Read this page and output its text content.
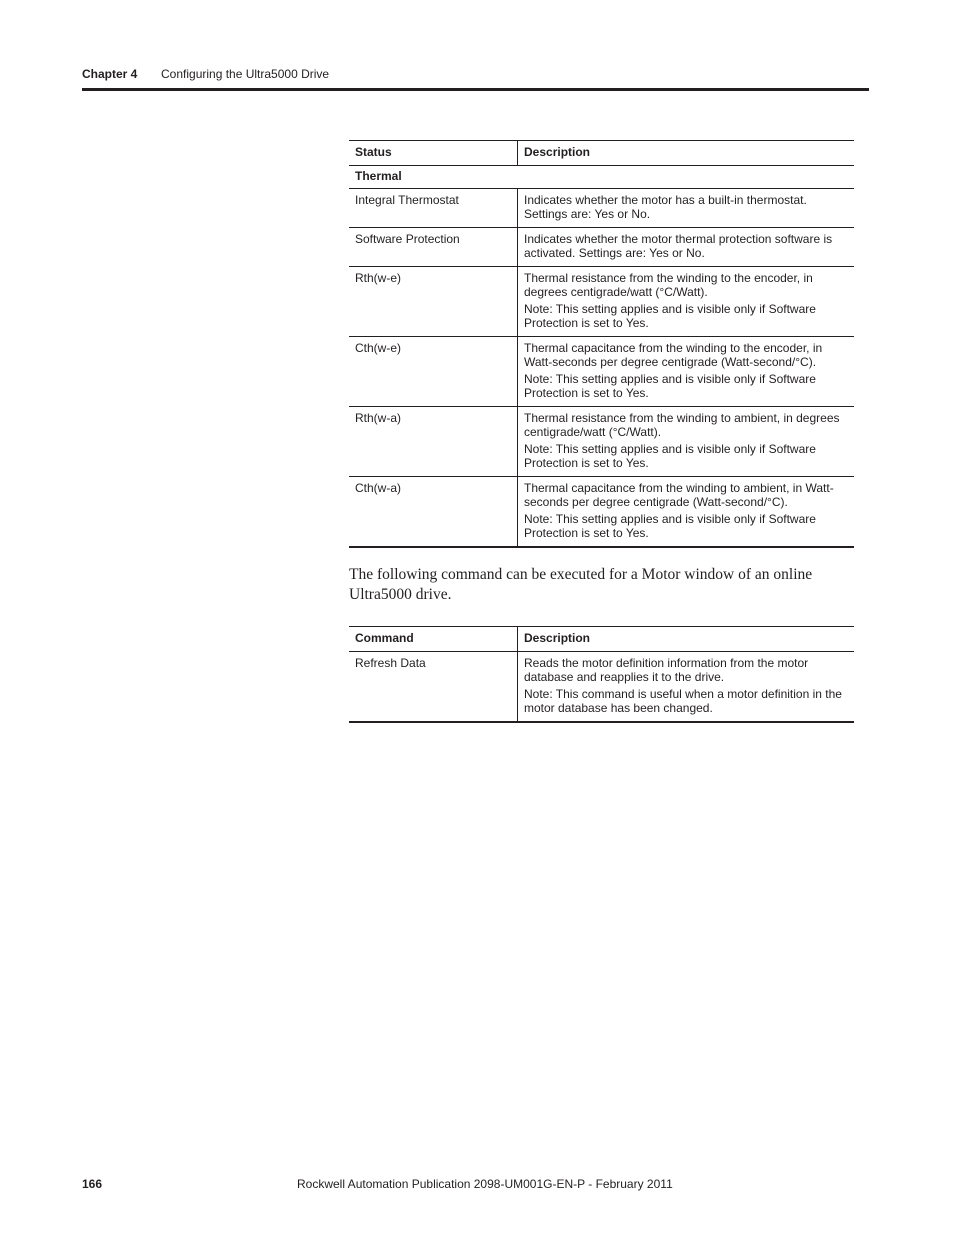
Chapter 4 Configuring the Ultra5000 Drive
Status	Description
Thermal	
Integral Thermostat	Indicates whether the motor has a built-in thermostat. Settings are: Yes or No.

Software Protection	Indicates whether the motor thermal protection software is activated. Settings are: Yes or No.

Rth(w-e)	Thermal resistance from the winding to the encoder, in degrees centigrade/watt (°C/Watt).

Note: This setting applies and is visible only if Software Protection is set to Yes.

Cth(w-e)	Thermal capacitance from the winding to the encoder, in Watt-seconds per degree centigrade (Watt-second/°C).

Note: This setting applies and is visible only if Software Protection is set to Yes.

Rth(w-a)	Thermal resistance from the winding to ambient, in degrees centigrade/watt (°C/Watt).

Note: This setting applies and is visible only if Software Protection is set to Yes.

Cth(w-a)	Thermal capacitance from the winding to ambient, in Watt-seconds per degree centigrade (Watt-second/°C).

Note: This setting applies and is visible only if Software Protection is set to Yes.

The following command can be executed for a Motor window of an online Ultra5000 drive.

Command	Description
Refresh Data	Reads the motor definition information from the motor database and reapplies it to the drive.

Note: This command is useful when a motor definition in the motor database has been changed.

166	Rockwell Automation Publication 2098-UM001G-EN-P - February 2011
